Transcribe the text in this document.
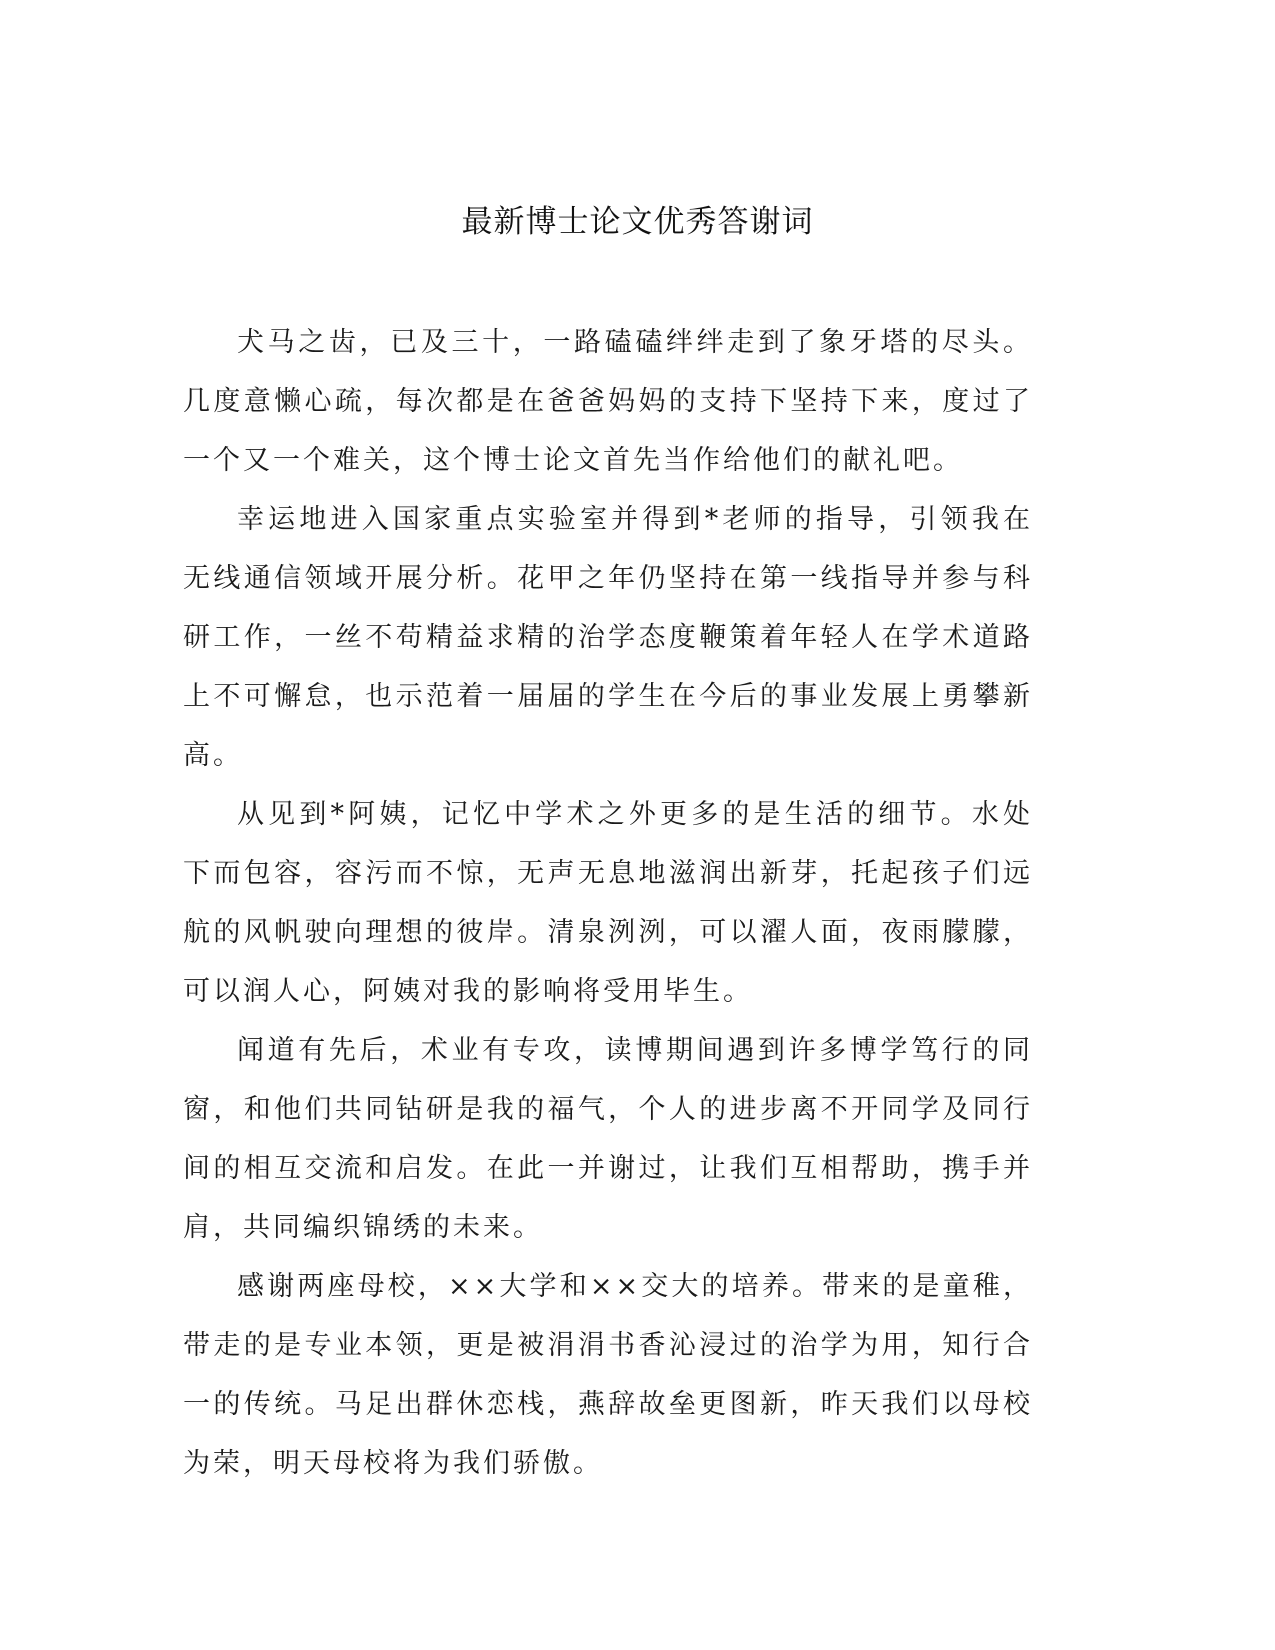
最新博士论文优秀答谢词

犬马之齿，已及三十，一路磕磕绊绊走到了象牙塔的尽头。几度意懒心疏，每次都是在爸爸妈妈的支持下坚持下来，度过了一个又一个难关，这个博士论文首先当作给他们的献礼吧。

幸运地进入国家重点实验室并得到*老师的指导，引领我在无线通信领域开展分析。花甲之年仍坚持在第一线指导并参与科研工作，一丝不苟精益求精的治学态度鞭策着年轻人在学术道路上不可懈怠，也示范着一届届的学生在今后的事业发展上勇攀新高。

从见到*阿姨，记忆中学术之外更多的是生活的细节。水处下而包容，容污而不惊，无声无息地滋润出新芽，托起孩子们远航的风帆驶向理想的彼岸。清泉洌洌，可以濯人面，夜雨朦朦，可以润人心，阿姨对我的影响将受用毕生。

闻道有先后，术业有专攻，读博期间遇到许多博学笃行的同窗，和他们共同钻研是我的福气，个人的进步离不开同学及同行间的相互交流和启发。在此一并谢过，让我们互相帮助，携手并肩，共同编织锦绣的未来。

感谢两座母校，××大学和××交大的培养。带来的是童稚，带走的是专业本领，更是被涓涓书香沁浸过的治学为用，知行合一的传统。马足出群休恋栈，燕辞故垒更图新，昨天我们以母校为荣，明天母校将为我们骄傲。
